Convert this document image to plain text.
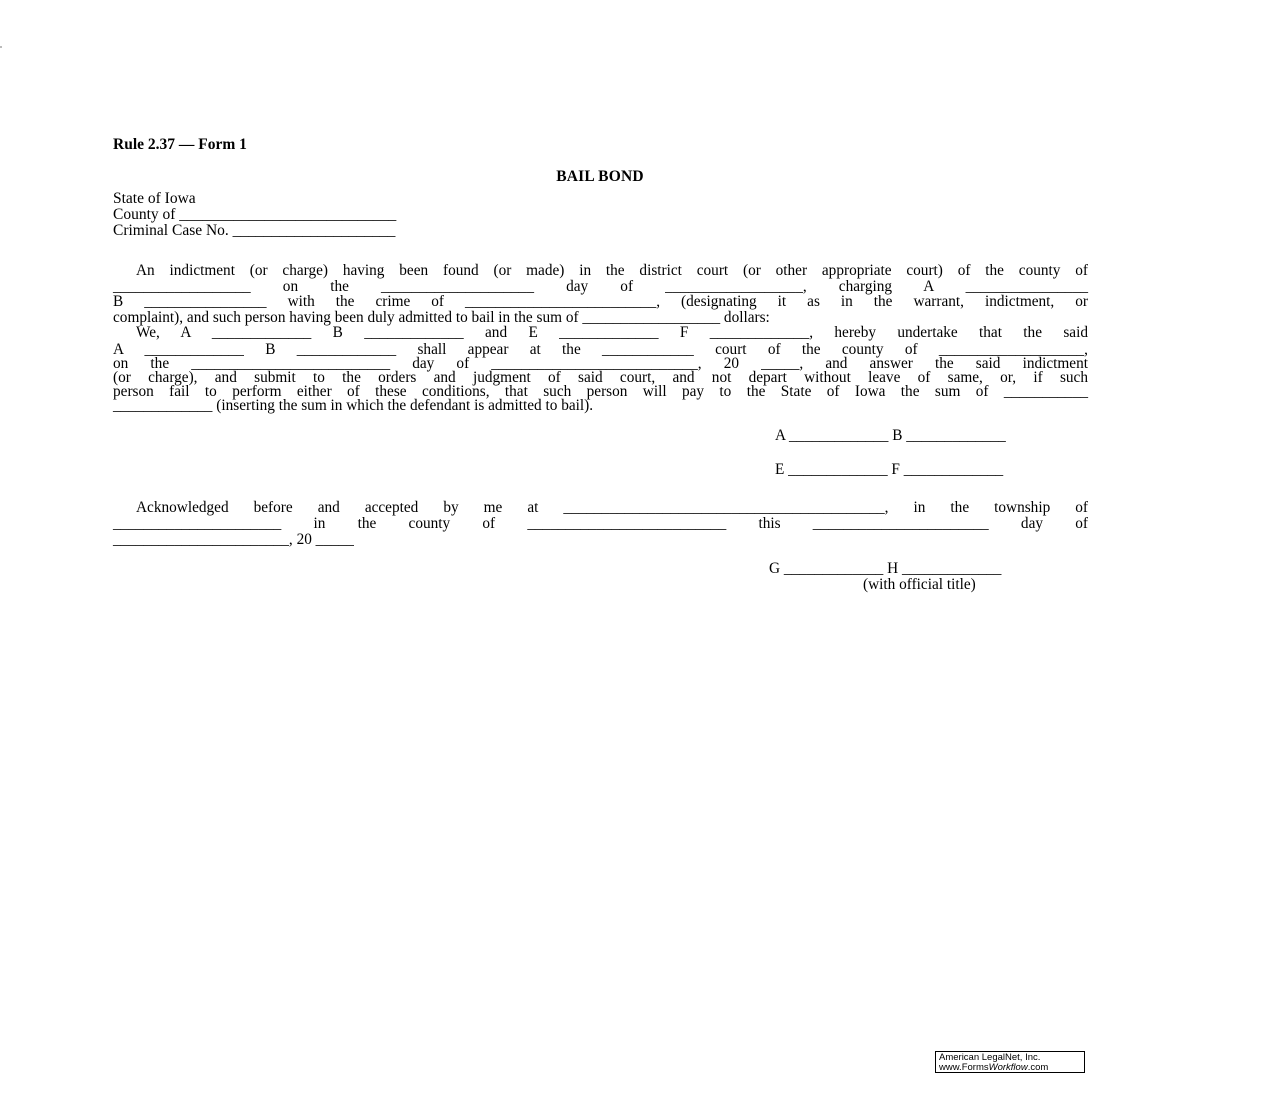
Rule 2.37 — Form 1
BAIL BOND
State of Iowa
County of ____________________________
Criminal Case No. _____________________
An indictment (or charge) having been found (or made) in the district court (or other appropriate court) of the county of
__________________ on the ____________________ day of __________________, charging A ________________
B ________________ with the crime of _________________________, (designating it as in the warrant, indictment, or
complaint), and such person having been duly admitted to bail in the sum of __________________ dollars:
We, A _____________ B _____________ and E _____________ F _____________, hereby undertake that the said
A _____________ B _____________ shall appear at the ____________ court of the county of ___________________,
on the __________________________ day of ___________________________, 20 _____, and answer the said indictment
(or charge), and submit to the orders and judgment of said court, and not depart without leave of same, or, if such
person fail to perform either of these conditions, that such person will pay to the State of Iowa the sum of ___________
_____________ (inserting the sum in which the defendant is admitted to bail).
A _____________ B _____________
E _____________ F _____________
Acknowledged before and accepted by me at __________________________________________, in the township of
______________________ in the county of __________________________ this _______________________ day of
_______________________, 20 _____
G _____________ H _____________
(with official title)
American LegalNet, Inc.
www.FormsWorkflow.com
